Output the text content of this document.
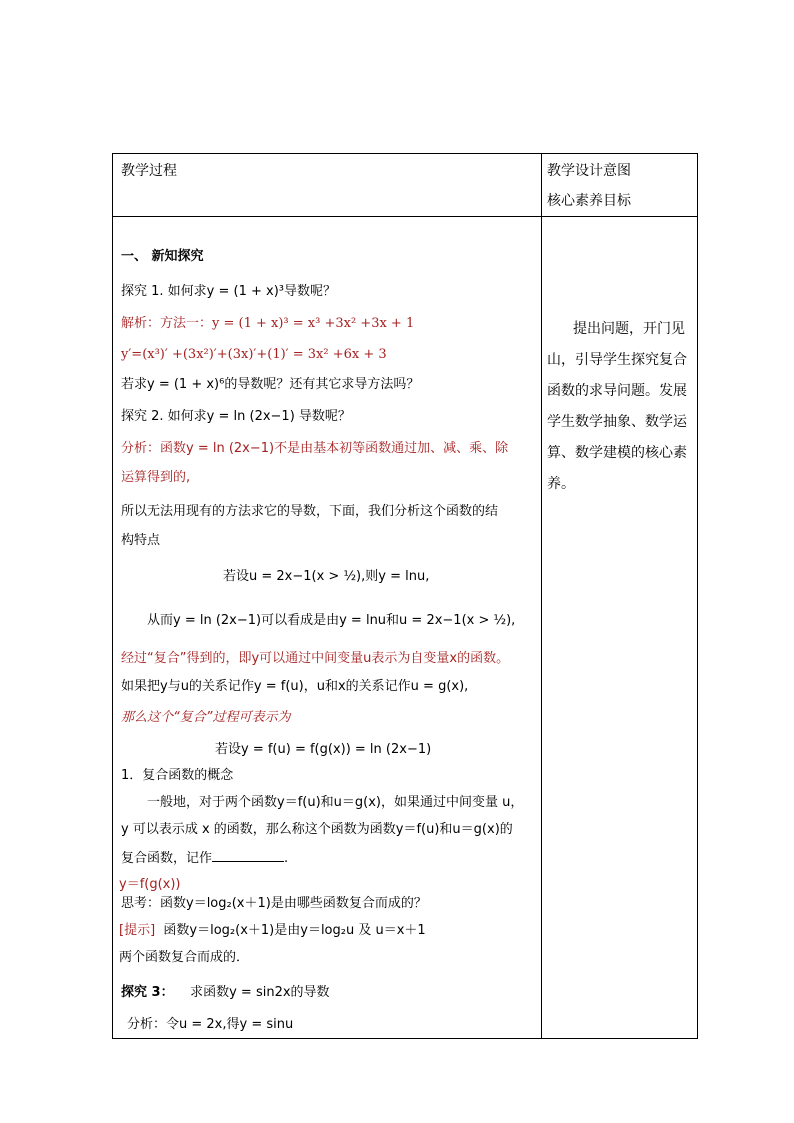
教学过程	教学设计意图
核心素养目标
提出问题，开门见山，引导学生探究复合函数的求导问题。发展学生数学抽象、数学运算、数学建模的核心素养。
一、 新知探究
探究 1. 如何求y = (1 + x)³导数呢？
解析：方法一：y = (1 + x)³ = x³ +3x² +3x + 1
y′=(x³)′ +(3x²)′+(3x)′+(1)′ = 3x² +6x + 3
若求y = (1 + x)⁶的导数呢？还有其它求导方法吗？
探究 2. 如何求y = ln (2x−1) 导数呢？
分析：函数y = ln (2x−1)不是由基本初等函数通过加、减、乘、除
运算得到的,
所以无法用现有的方法求它的导数，下面，我们分析这个函数的结
构特点
若设u = 2x−1(x > ½),则y = lnu,
从而y = ln (2x−1)可以看成是由y = lnu和u = 2x−1(x > ½),
经过“复合”得到的，即y可以通过中间变量u表示为自变量x的函数。
如果把y与u的关系记作y = f(u)，u和x的关系记作u = g(x),
那么这个“复合”过程可表示为
若设y = f(u) = f(g(x)) = ln (2x−1)
1．复合函数的概念
一般地，对于两个函数y＝f(u)和u＝g(x)，如果通过中间变量 u，
y 可以表示成 x 的函数，那么称这个函数为函数y＝f(u)和u＝g(x)的
复合函数，记作	.
y＝f(g(x))
思考：函数y＝log₂(x＋1)是由哪些函数复合而成的？
[提示] 函数y＝log₂(x＋1)是由y＝log₂u 及 u＝x＋1
两个函数复合而成的．
探究 3： 求函数y = sin2x的导数
分析：令u = 2x,得y = sinu
